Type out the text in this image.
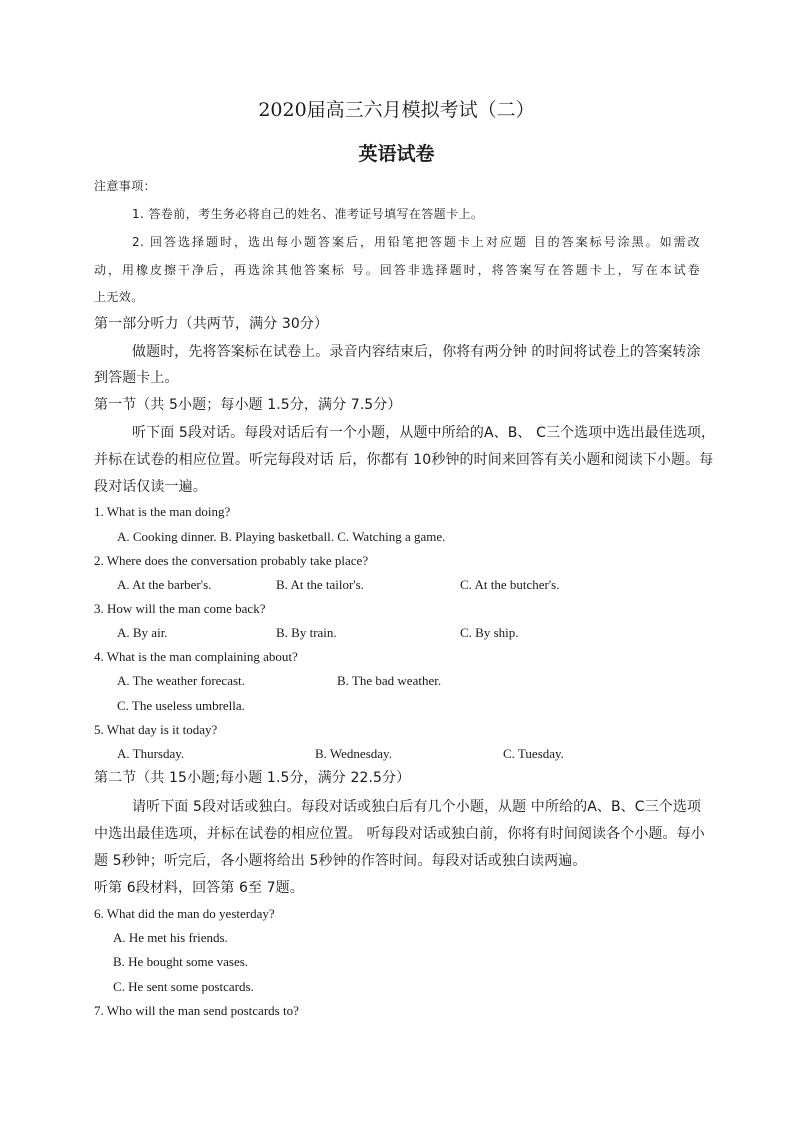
2020届高三六月模拟考试（二）
英语试卷
注意事项：
1. 答卷前，考生务必将自己的姓名、准考证号填写在答题卡上。
2. 回答选择题时，选出每小题答案后，用铅笔把答题卡上对应题 目的答案标号涂黑。如需改
动，用橡皮擦干净后，再选涂其他答案标 号。回答非选择题时，将答案写在答题卡上，写在本试卷
上无效。
第一部分听力（共两节，满分 30分）
做题时，先将答案标在试卷上。录音内容结束后，你将有两分钟 的时间将试卷上的答案转涂
到答题卡上。
第一节（共 5小题；每小题 1.5分，满分 7.5分）
听下面 5段对话。每段对话后有一个小题，从题中所给的A、B、 C三个选项中选出最佳选项，
并标在试卷的相应位置。听完每段对话 后，你都有 10秒钟的时间来回答有关小题和阅读下小题。每
段对话仅读一遍。
1. What is the man doing?
A. Cooking dinner. B. Playing basketball. C. Watching a game.
2. Where does the conversation probably take place?
A. At the barber's.	B. At the tailor's.	C. At the butcher's.
3. How will the man come back?
A. By air.	B. By train.	C. By ship.
4. What is the man complaining about?
A. The weather forecast.	B. The bad weather.
C. The useless umbrella.
5. What day is it today?
A. Thursday.	B. Wednesday.	C. Tuesday.
第二节（共 15小题;每小题 1.5分，满分 22.5分）
请听下面 5段对话或独白。每段对话或独白后有几个小题，从题 中所给的A、B、C三个选项
中选出最佳选项，并标在试卷的相应位置。 听每段对话或独白前，你将有时间阅读各个小题。每小
题 5秒钟；听完后，各小题将给出 5秒钟的作答时间。每段对话或独白读两遍。
听第 6段材料，回答第 6至 7题。
6. What did the man do yesterday?
A. He met his friends.
B. He bought some vases.
C. He sent some postcards.
7. Who will the man send postcards to?
